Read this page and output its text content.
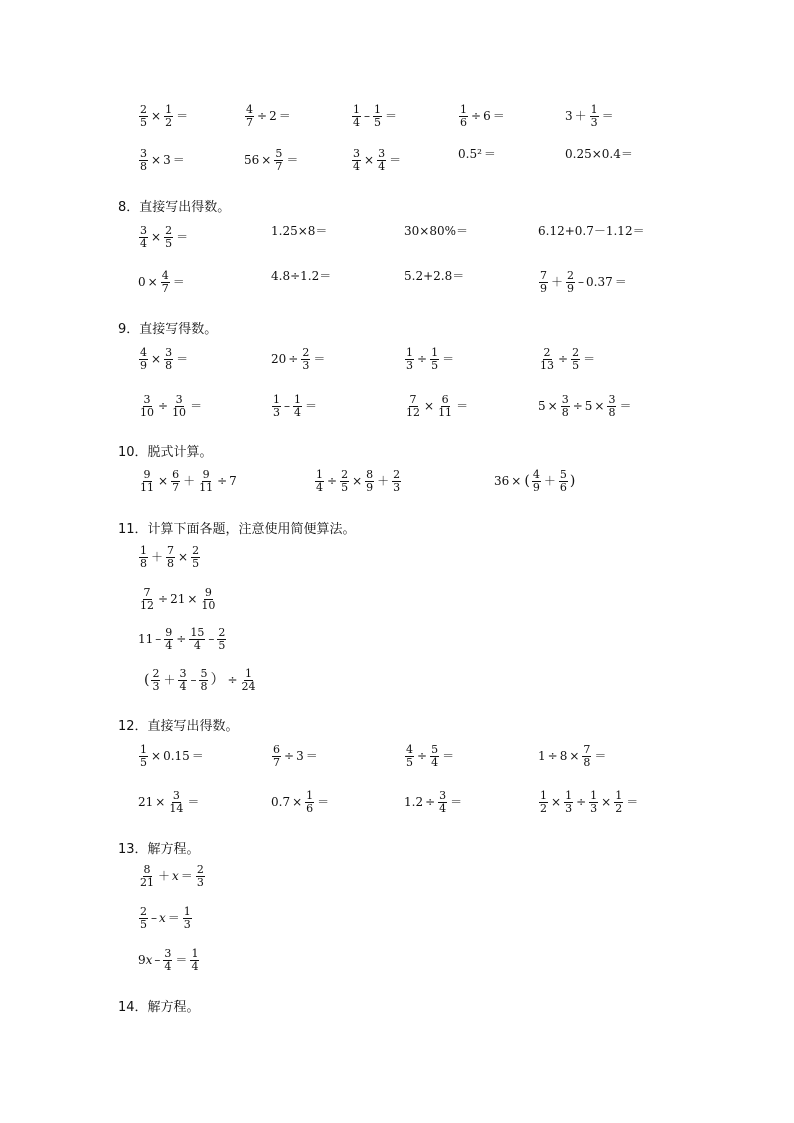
$\frac{2}{5} \times \frac{1}{2}$ ＝	$\frac{4}{7} \div 2$ ＝	$\frac{1}{4} - \frac{1}{5}$ ＝	$\frac{1}{6} \div 6$ ＝	$3 + \frac{1}{3}$ ＝
$\frac{3}{8} \times 3$ ＝	$56 \times \frac{5}{7}$ ＝	$\frac{3}{4} \times \frac{3}{4}$ ＝	0.5² ＝	0.25×0.4＝
8．直接写出得数。
$\frac{3}{4} \times \frac{2}{5}$ ＝	1.25×8＝	30×80%＝	6.12+0.7－1.12＝
$0 \times \frac{4}{7}$ ＝	4.8÷1.2＝	5.2+2.8＝	$\frac{7}{9} + \frac{2}{9} - 0.37$ ＝
9．直接写得数。
$\frac{4}{9} \times \frac{3}{8}$ ＝	$20 \div \frac{2}{3}$ ＝	$\frac{1}{3} \div \frac{1}{5}$ ＝	$\frac{2}{13} \div \frac{2}{5}$ ＝
$\frac{3}{10} \div \frac{3}{10}$ ＝	$\frac{1}{3} - \frac{1}{4}$ ＝	$\frac{7}{12} \times \frac{6}{11}$ ＝	$5 \times \frac{3}{8} \div 5 \times \frac{3}{8}$ ＝
10．脱式计算。
$\frac{9}{11} \times \frac{6}{7} + \frac{9}{11} \div 7$	$\frac{1}{4} \div \frac{2}{5} \times \frac{8}{9} + \frac{2}{3}$	36 × ( $\frac{4}{9} + \frac{5}{6}$ )
11．计算下面各题，注意使用简便算法。
$\frac{1}{8} + \frac{7}{8} \times \frac{2}{5}$
$\frac{7}{12} \div 21 \times \frac{9}{10}$
$11 - \frac{9}{4} \div \frac{15}{4} - \frac{2}{5}$
( $\frac{2}{3} + \frac{3}{4} - \frac{5}{8}$ ） ÷ $\frac{1}{24}$
12．直接写出得数。
$\frac{1}{5} \times 0.15$ ＝	$\frac{6}{7} \div 3$ ＝	$\frac{4}{5} \div \frac{5}{4}$ ＝	$1 \div 8 \times \frac{7}{8}$ ＝
$21 \times \frac{3}{14}$ ＝	$0.7 \times \frac{1}{6}$ ＝	$1.2 \div \frac{3}{4}$ ＝	$\frac{1}{2} \times \frac{1}{3} \div \frac{1}{3} \times \frac{1}{2}$ ＝
13．解方程。
$\frac{8}{21} + x = \frac{2}{3}$
$\frac{2}{5} - x = \frac{1}{3}$
9 $x - \frac{3}{4} = \frac{1}{4}$
14．解方程。
